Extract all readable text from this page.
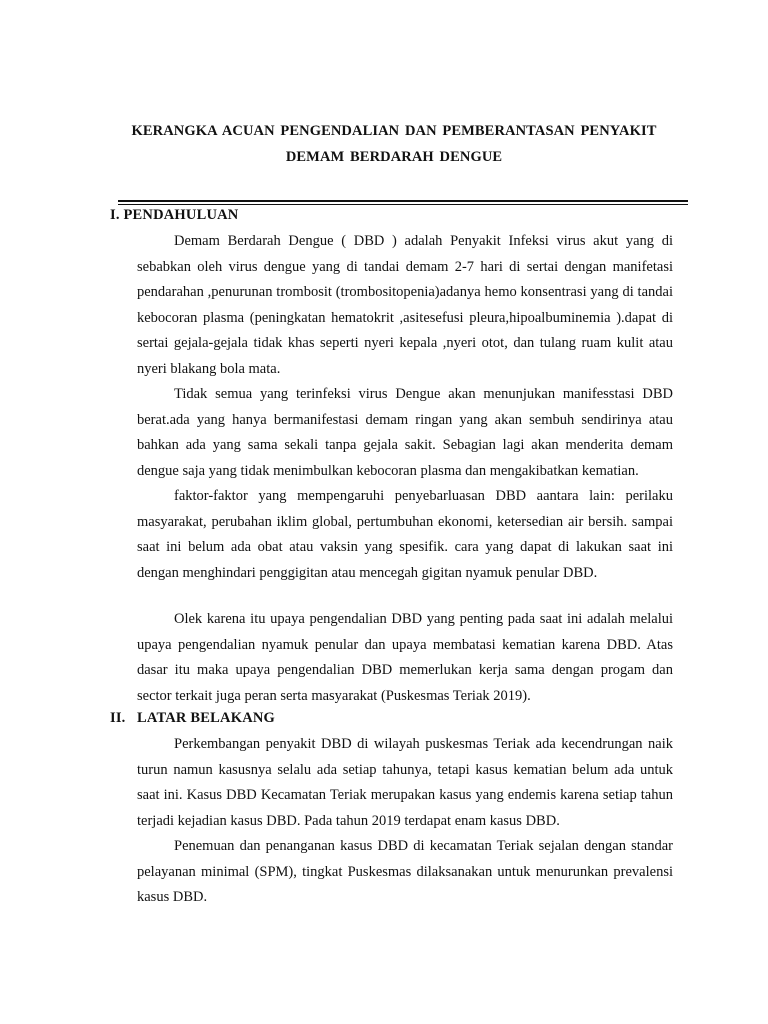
KERANGKA ACUAN PENGENDALIAN DAN PEMBERANTASAN PENYAKIT
DEMAM BERDARAH DENGUE
I. PENDAHULUAN

Demam Berdarah Dengue ( DBD ) adalah Penyakit Infeksi virus akut yang di sebabkan oleh virus dengue yang di tandai demam 2-7 hari di sertai dengan manifetasi pendarahan ,penurunan trombosit (trombositopenia)adanya hemo konsentrasi yang di tandai kebocoran plasma (peningkatan hematokrit ,asitesefusi pleura,hipoalbuminemia ).dapat di sertai gejala-gejala tidak khas seperti nyeri kepala ,nyeri otot, dan tulang ruam kulit atau nyeri blakang bola mata.

Tidak semua yang terinfeksi virus Dengue akan menunjukan manifesstasi DBD berat.ada yang hanya bermanifestasi demam ringan yang akan sembuh sendirinya atau bahkan ada yang sama sekali tanpa gejala sakit. Sebagian lagi akan menderita demam dengue saja yang tidak menimbulkan kebocoran plasma dan mengakibatkan kematian.

faktor-faktor yang mempengaruhi penyebarluasan DBD aantara lain: perilaku masyarakat, perubahan iklim global, pertumbuhan ekonomi, ketersedian air bersih. sampai saat ini belum ada obat atau vaksin yang spesifik. cara yang dapat di lakukan saat ini dengan menghindari penggigitan atau mencegah gigitan nyamuk penular DBD.

Olek karena itu upaya pengendalian DBD yang penting pada saat ini adalah melalui upaya pengendalian nyamuk penular dan upaya membatasi kematian karena DBD. Atas dasar itu maka upaya pengendalian DBD memerlukan kerja sama dengan progam dan sector terkait juga peran serta masyarakat (Puskesmas Teriak 2019).

II. LATAR BELAKANG

Perkembangan penyakit DBD di wilayah puskesmas Teriak ada kecendrungan naik turun namun kasusnya selalu ada setiap tahunya, tetapi kasus kematian belum ada untuk saat ini. Kasus DBD Kecamatan Teriak merupakan kasus yang endemis karena setiap tahun terjadi kejadian kasus DBD. Pada tahun 2019 terdapat enam kasus DBD.

Penemuan dan penanganan kasus DBD di kecamatan Teriak sejalan dengan standar pelayanan minimal (SPM), tingkat Puskesmas dilaksanakan untuk menurunkan prevalensi kasus DBD.
